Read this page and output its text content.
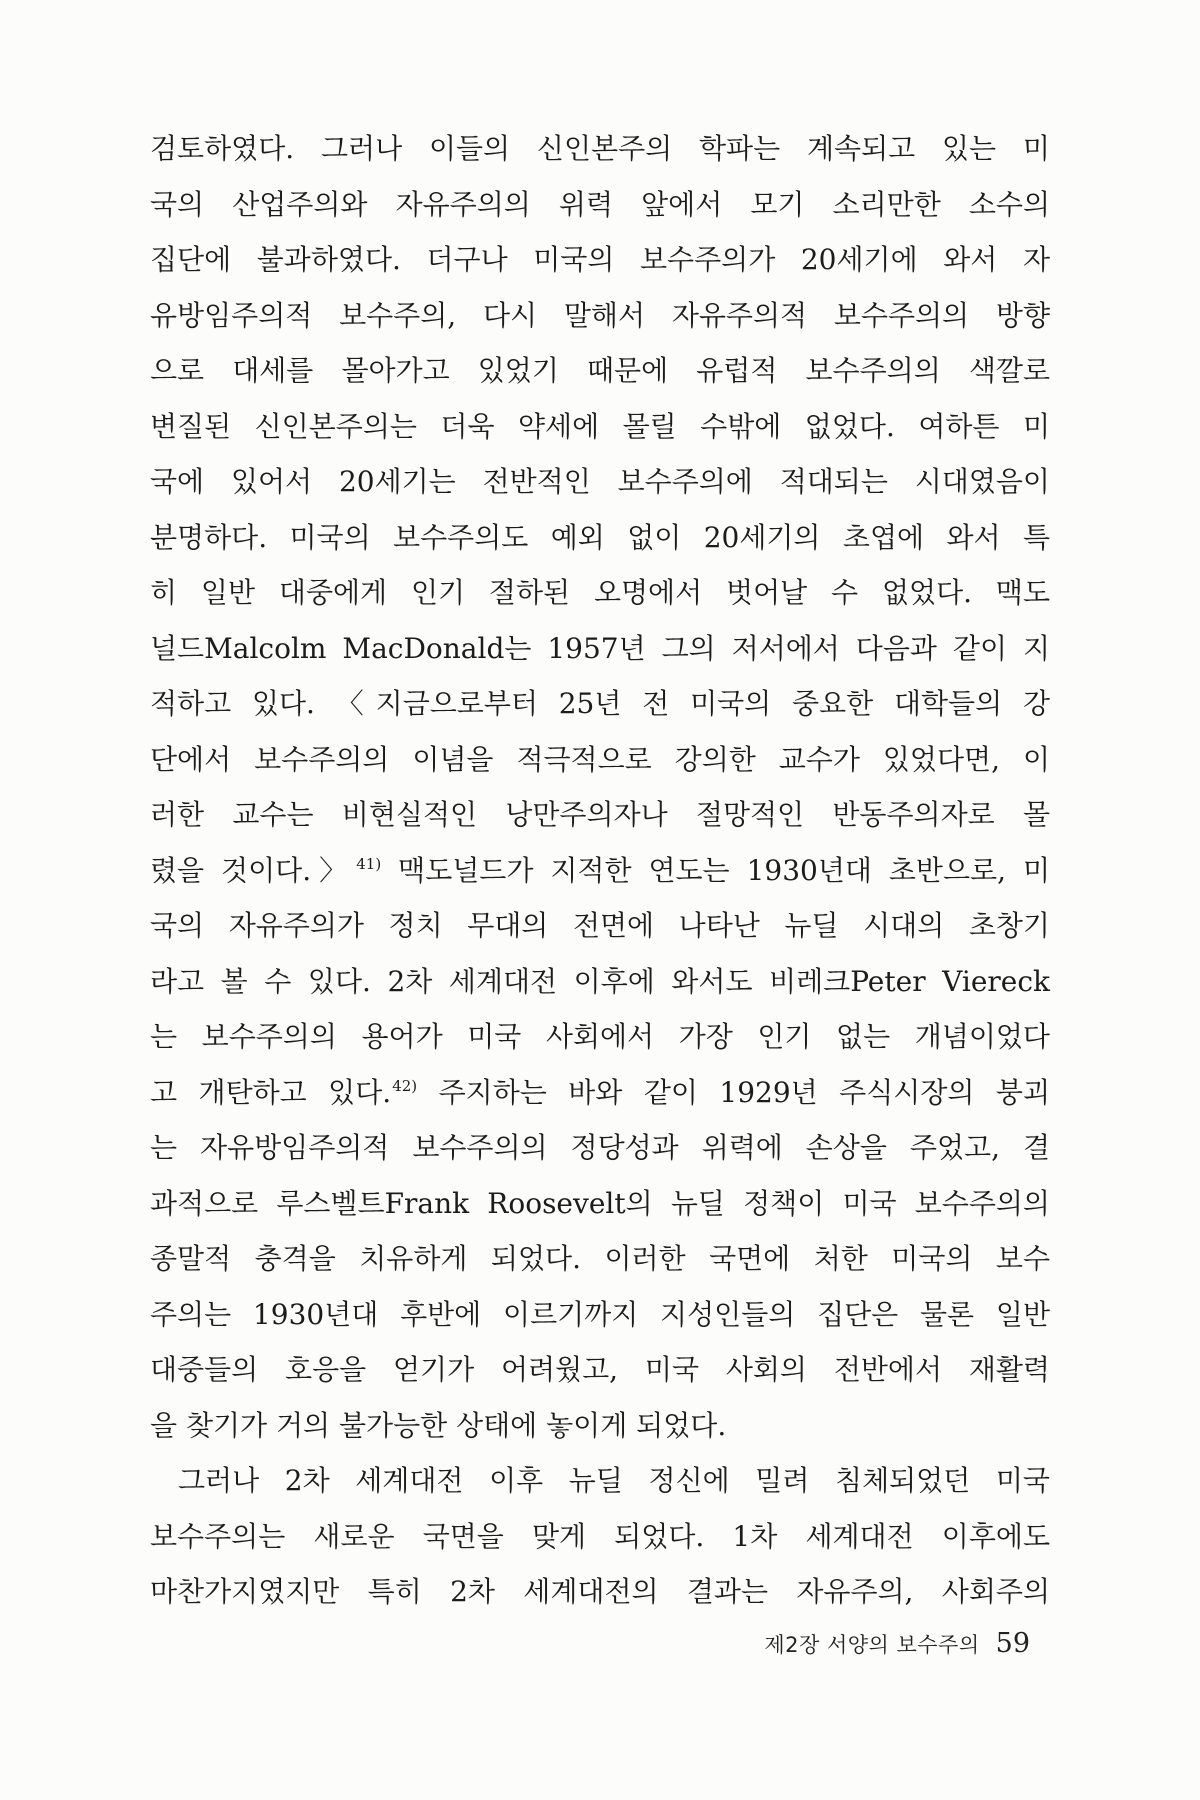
검토하였다. 그러나 이들의 신인본주의 학파는 계속되고 있는 미
국의 산업주의와 자유주의의 위력 앞에서 모기 소리만한 소수의
집단에 불과하였다. 더구나 미국의 보수주의가 20세기에 와서 자
유방임주의적 보수주의, 다시 말해서 자유주의적 보수주의의 방향
으로 대세를 몰아가고 있었기 때문에 유럽적 보수주의의 색깔로
변질된 신인본주의는 더욱 약세에 몰릴 수밖에 없었다. 여하튼 미
국에 있어서 20세기는 전반적인 보수주의에 적대되는 시대였음이
분명하다. 미국의 보수주의도 예외 없이 20세기의 초엽에 와서 특
히 일반 대중에게 인기 절하된 오명에서 벗어날 수 없었다. 맥도
널드Malcolm MacDonald는 1957년 그의 저서에서 다음과 같이 지
적하고 있다. 〈지금으로부터 25년 전 미국의 중요한 대학들의 강
단에서 보수주의의 이념을 적극적으로 강의한 교수가 있었다면, 이
러한 교수는 비현실적인 낭만주의자나 절망적인 반동주의자로 몰
렸을 것이다.〉$^{41)}$ 맥도널드가 지적한 연도는 1930년대 초반으로, 미
국의 자유주의가 정치 무대의 전면에 나타난 뉴딜 시대의 초창기
라고 볼 수 있다. 2차 세계대전 이후에 와서도 비레크Peter Viereck
는 보수주의의 용어가 미국 사회에서 가장 인기 없는 개념이었다
고 개탄하고 있다.$^{42)}$ 주지하는 바와 같이 1929년 주식시장의 붕괴
는 자유방임주의적 보수주의의 정당성과 위력에 손상을 주었고, 결
과적으로 루스벨트Frank Roosevelt의 뉴딜 정책이 미국 보수주의의
종말적 충격을 치유하게 되었다. 이러한 국면에 처한 미국의 보수
주의는 1930년대 후반에 이르기까지 지성인들의 집단은 물론 일반
대중들의 호응을 얻기가 어려웠고, 미국 사회의 전반에서 재활력
을 찾기가 거의 불가능한 상태에 놓이게 되었다.
그러나 2차 세계대전 이후 뉴딜 정신에 밀려 침체되었던 미국
보수주의는 새로운 국면을 맞게 되었다. 1차 세계대전 이후에도
마찬가지였지만 특히 2차 세계대전의 결과는 자유주의, 사회주의
제2장 서양의 보수주의 59
